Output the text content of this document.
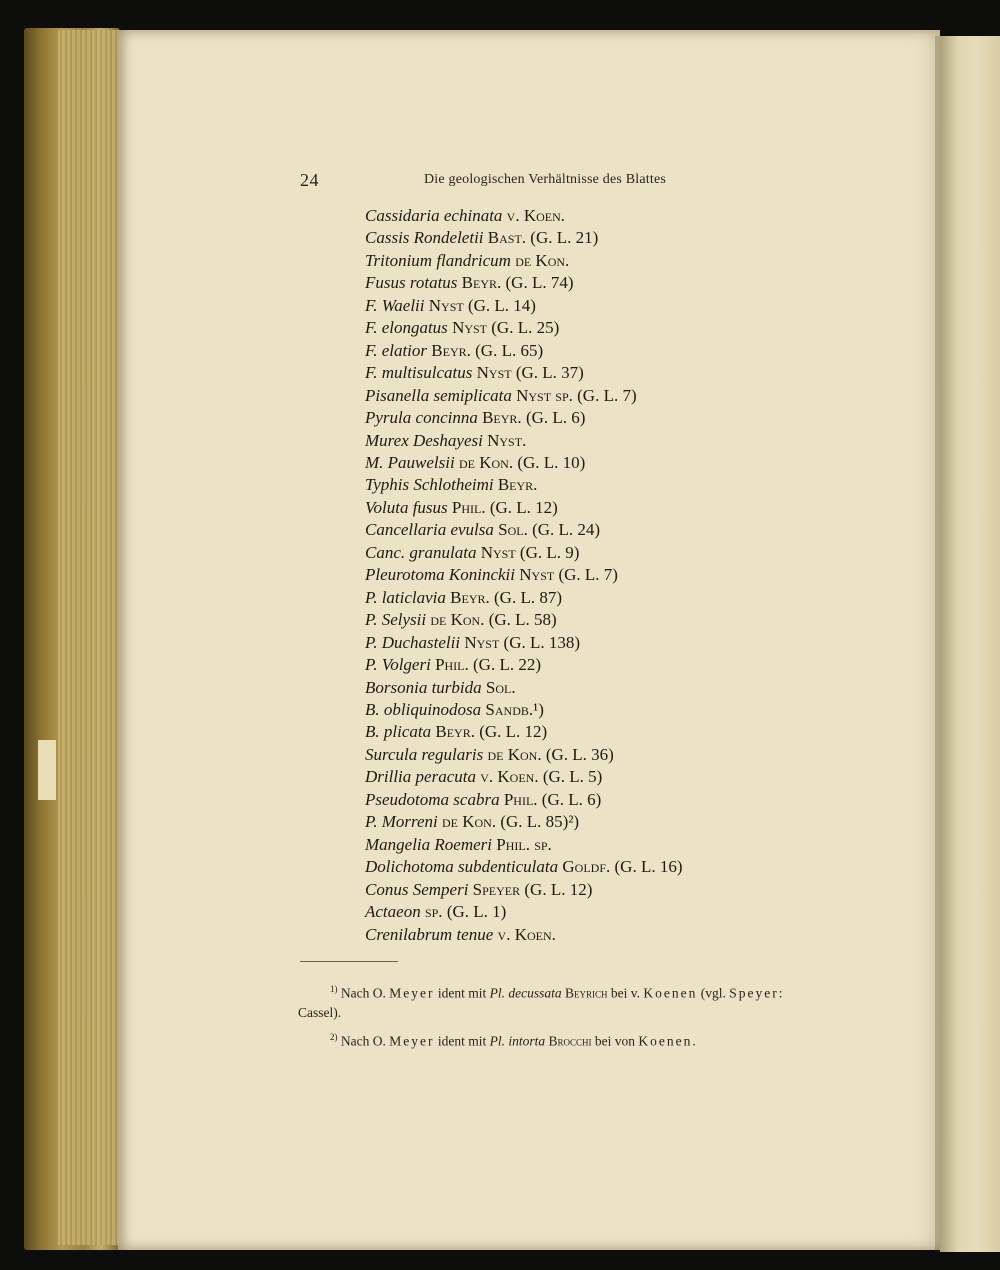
24	Die geologischen Verhältnisse des Blattes
Cassidaria echinata v. Koen.
Cassis Rondeletii Bast. (G. L. 21)
Tritonium flandricum de Kon.
Fusus rotatus Beyr. (G. L. 74)
F. Waelii Nyst (G. L. 14)
F. elongatus Nyst (G. L. 25)
F. elatior Beyr. (G. L. 65)
F. multisulcatus Nyst (G. L. 37)
Pisanella semiplicata Nyst sp. (G. L. 7)
Pyrula concinna Beyr. (G. L. 6)
Murex Deshayesi Nyst.
M. Pauwelsii de Kon. (G. L. 10)
Typhis Schlotheimi Beyr.
Voluta fusus Phil. (G. L. 12)
Cancellaria evulsa Sol. (G. L. 24)
Canc. granulata Nyst (G. L. 9)
Pleurotoma Koninckii Nyst (G. L. 7)
P. laticlavia Beyr. (G. L. 87)
P. Selysii de Kon. (G. L. 58)
P. Duchastelii Nyst (G. L. 138)
P. Volgeri Phil. (G. L. 22)
Borsonia turbida Sol.
B. obliquinodosa Sandb.¹)
B. plicata Beyr. (G. L. 12)
Surcula regularis de Kon. (G. L. 36)
Drillia peracuta v. Koen. (G. L. 5)
Pseudotoma scabra Phil. (G. L. 6)
P. Morreni de Kon. (G. L. 85)²)
Mangelia Roemeri Phil. sp.
Dolichotoma subdenticulata Goldf. (G. L. 16)
Conus Semperi Speyer (G. L. 12)
Actaeon sp. (G. L. 1)
Crenilabrum tenue v. Koen.

$^{1)}$ Nach O. Meyer ident mit Pl. decussata Beyrich bei v. Koenen (vgl. Speyer: Cassel).

$^{2)}$ Nach O. Meyer ident mit Pl. intorta Brocchi bei von Koenen.
